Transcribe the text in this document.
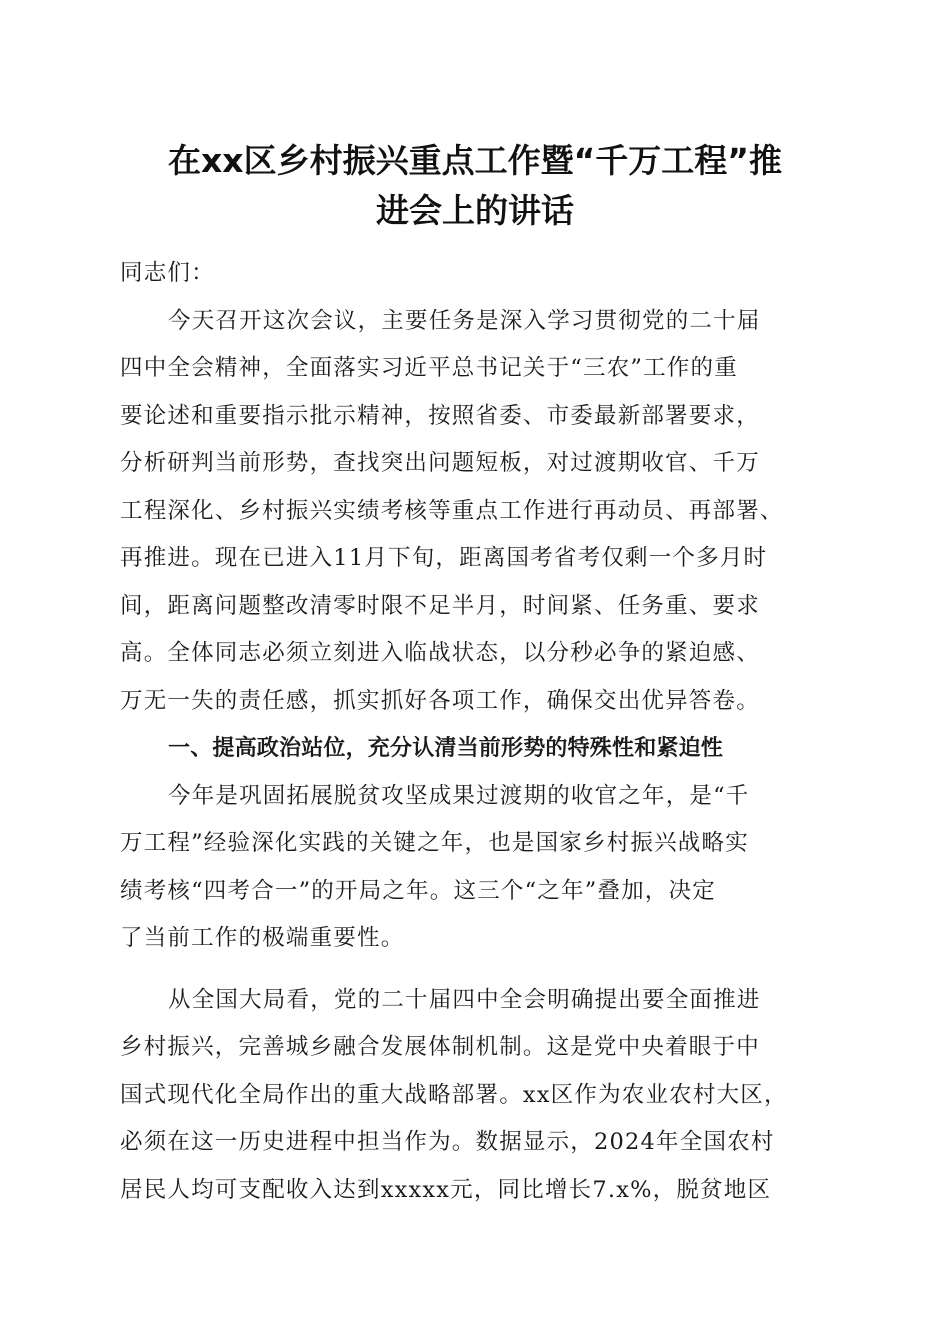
在xx区乡村振兴重点工作暨“千万工程”推
进会上的讲话
同志们：
今天召开这次会议，主要任务是深入学习贯彻党的二十届
四中全会精神，全面落实习近平总书记关于“三农”工作的重
要论述和重要指示批示精神，按照省委、市委最新部署要求，
分析研判当前形势，查找突出问题短板，对过渡期收官、千万
工程深化、乡村振兴实绩考核等重点工作进行再动员、再部署、
再推进。现在已进入11月下旬，距离国考省考仅剩一个多月时
间，距离问题整改清零时限不足半月，时间紧、任务重、要求
高。全体同志必须立刻进入临战状态，以分秒必争的紧迫感、
万无一失的责任感，抓实抓好各项工作，确保交出优异答卷。
一、提高政治站位，充分认清当前形势的特殊性和紧迫性
今年是巩固拓展脱贫攻坚成果过渡期的收官之年，是“千
万工程”经验深化实践的关键之年，也是国家乡村振兴战略实
绩考核“四考合一”的开局之年。这三个“之年”叠加，决定
了当前工作的极端重要性。
从全国大局看，党的二十届四中全会明确提出要全面推进
乡村振兴，完善城乡融合发展体制机制。这是党中央着眼于中
国式现代化全局作出的重大战略部署。xx区作为农业农村大区，
必须在这一历史进程中担当作为。数据显示，2024年全国农村
居民人均可支配收入达到xxxxx元，同比增长7.x%，脱贫地区
